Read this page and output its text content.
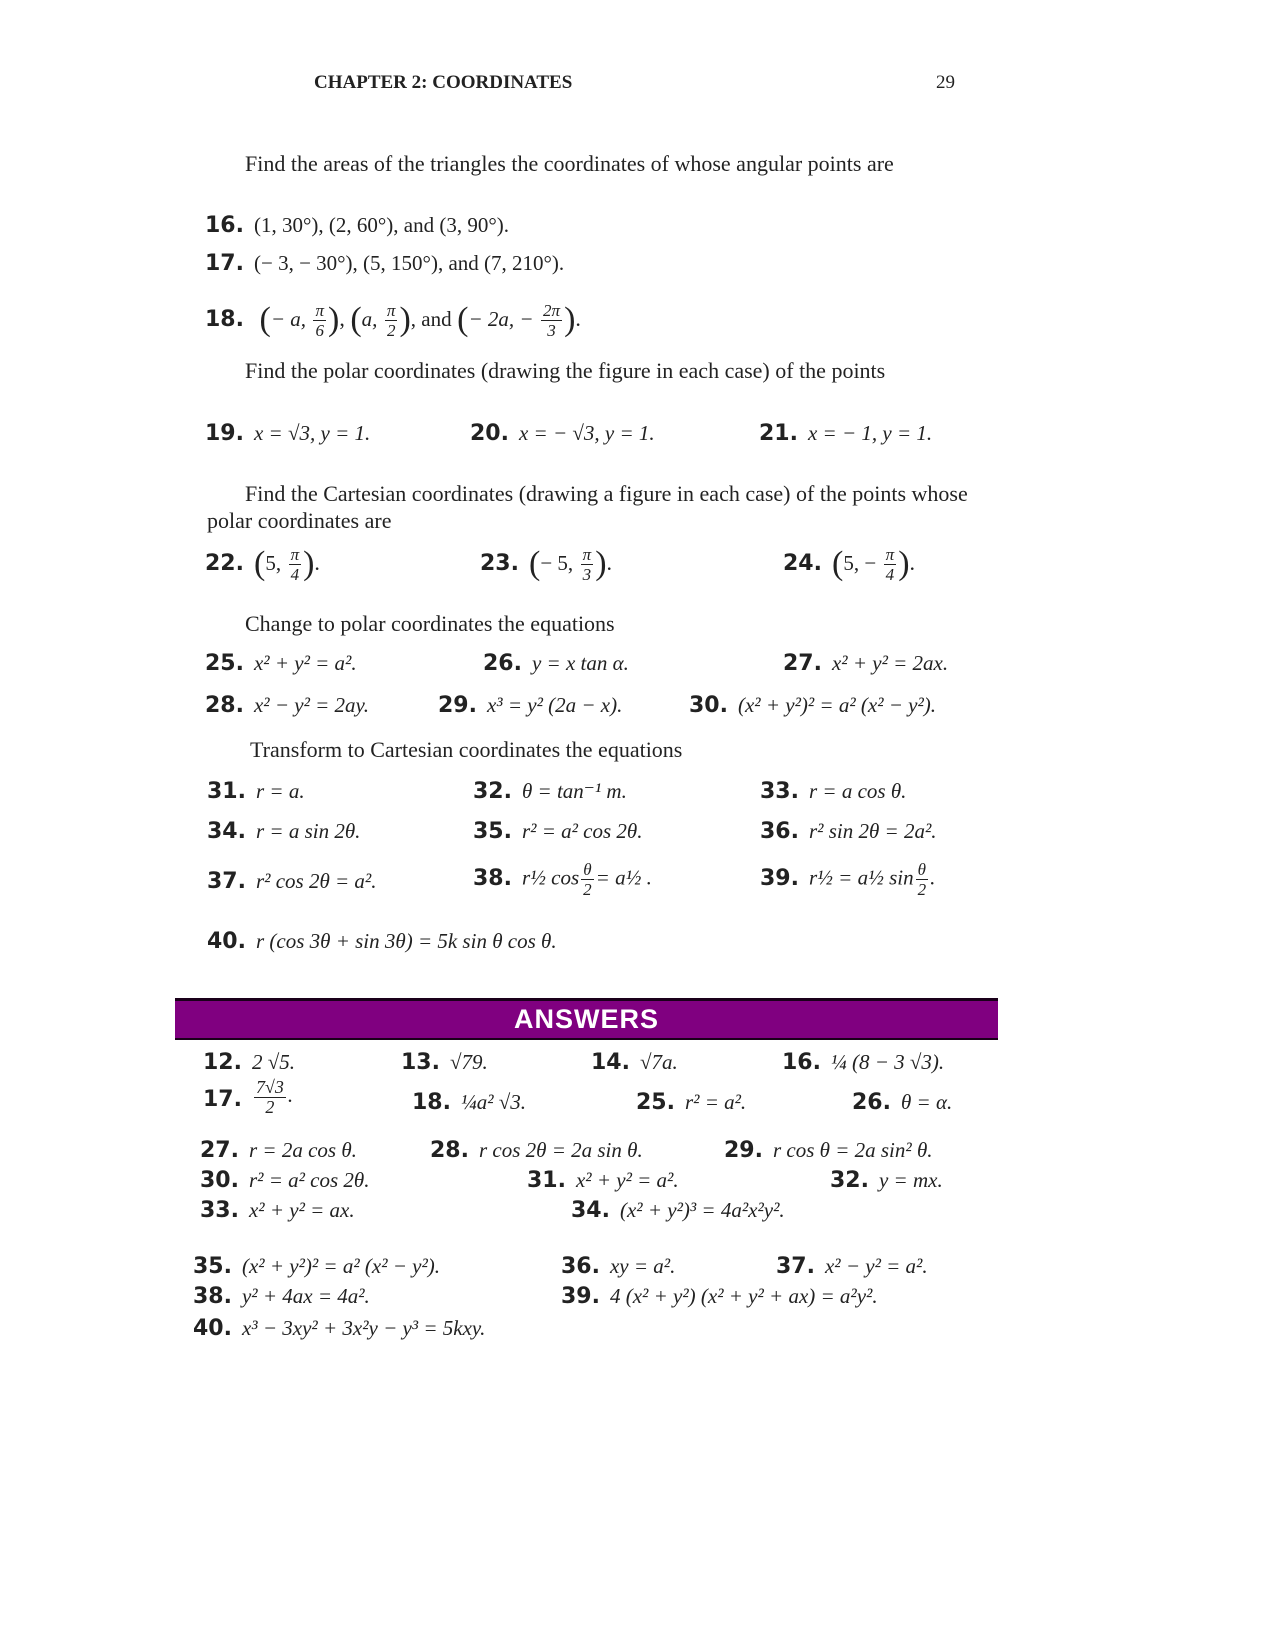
CHAPTER 2: COORDINATES	29
Find the areas of the triangles the coordinates of whose angular points are
16. (1, 30°), (2, 60°), and (3, 90°).
17. (− 3, − 30°), (5, 150°), and (7, 210°).
18. (− a, $\frac{\pi}{6}$ ), (a, $\frac{\pi}{2}$ ), and (− 2a, − $\frac{2\pi}{3}$ ).
Find the polar coordinates (drawing the figure in each case) of the points
19. x = √3, y = 1.	20. x = − √3, y = 1.	21. x = − 1, y = 1.
Find the Cartesian coordinates (drawing a figure in each case) of the points whose polar coordinates are
22. (5, $\frac{\pi}{4}$ ).	23. (− 5, $\frac{\pi}{3}$ ).	24. (5, − $\frac{\pi}{4}$ ).
Change to polar coordinates the equations
25. x² + y² = a².	26. y = x tan α.	27. x² + y² = 2ax.
28. x² − y² = 2ay.	29. x³ = y² (2a − x).	30. (x² + y²)² = a² (x² − y²).
Transform to Cartesian coordinates the equations
31. r = a.	32. θ = tan⁻¹ m.	33. r = a cos θ.
34. r = a sin 2θ.	35. r² = a² cos 2θ.	36. r² sin 2θ = 2a².
37. r² cos 2θ = a².	38. r½ $\cos \frac{\theta}{2}$ = a½ .	39. r½ = a½ $\sin \frac{\theta}{2}$ .
40. r (cos 3θ + sin 3θ) = 5k sin θ cos θ.
ANSWERS
12. 2 √5.	13. √79.	14. √7a.	16. ¼ (8 − 3 √3).
17. $\frac{7√3}{2}$ .	18. ¼a² √3.	25. r² = a².	26. θ = α.
27. r = 2a cos θ.	28. r cos 2θ = 2a sin θ.	29. r cos θ = 2a sin² θ.
30. r² = a² cos 2θ.	31. x² + y² = a².	32. y = mx.
33. x² + y² = ax.	34. (x² + y²)³ = 4a²x²y².
35. (x² + y²)² = a² (x² − y²).	36. xy = a².	37. x² − y² = a².
38. y² + 4ax = 4a².	39. 4 (x² + y²) (x² + y² + ax) = a²y².
40. x³ − 3xy² + 3x²y − y³ = 5kxy.
